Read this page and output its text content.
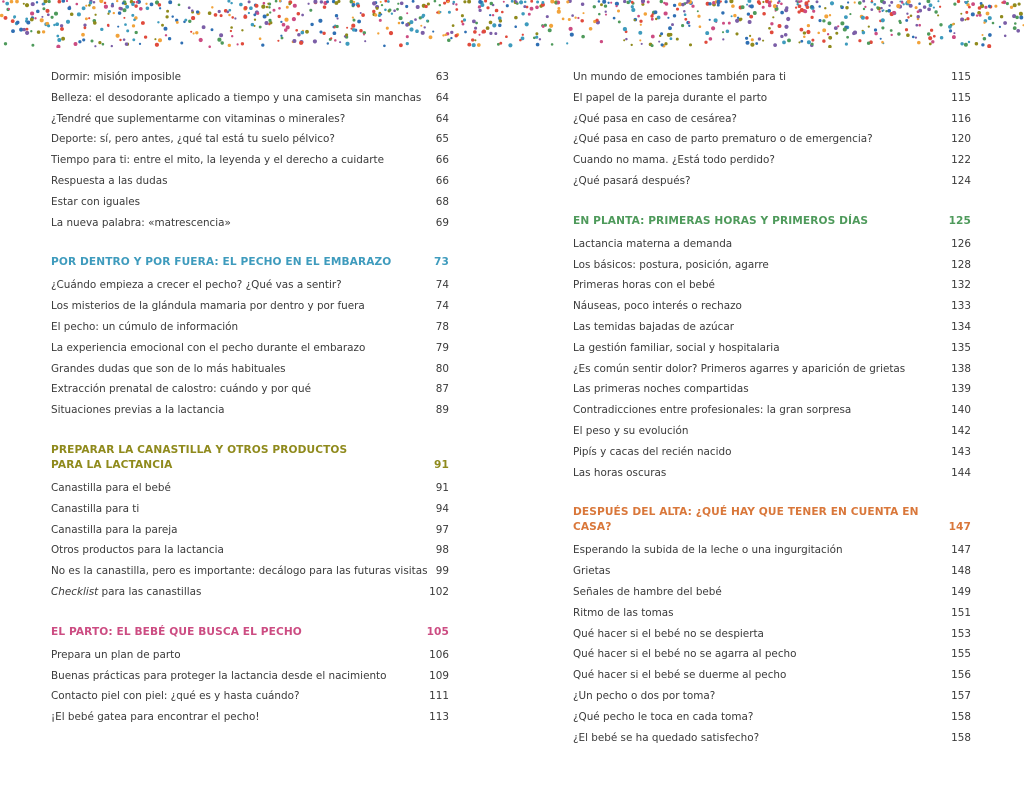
Dormir: misión imposible	63
Belleza: el desodorante aplicado a tiempo y una camiseta sin manchas	64
¿Tendré que suplementarme con vitaminas o minerales?	64
Deporte: sí, pero antes, ¿qué tal está tu suelo pélvico?	65
Tiempo para ti: entre el mito, la leyenda y el derecho a cuidarte	66
Respuesta a las dudas	66
Estar con iguales	68
La nueva palabra: «matrescencia»	69
POR DENTRO Y POR FUERA: EL PECHO EN EL EMBARAZO	73
¿Cuándo empieza a crecer el pecho? ¿Qué vas a sentir?	74
Los misterios de la glándula mamaria por dentro y por fuera	74
El pecho: un cúmulo de información	78
La experiencia emocional con el pecho durante el embarazo	79
Grandes dudas que son de lo más habituales	80
Extracción prenatal de calostro: cuándo y por qué	87
Situaciones previas a la lactancia	89
PREPARAR LA CANASTILLA Y OTROS PRODUCTOS
PARA LA LACTANCIA	91
Canastilla para el bebé	91
Canastilla para ti	94
Canastilla para la pareja	97
Otros productos para la lactancia	98
No es la canastilla, pero es importante: decálogo para las futuras visitas 99
Checklist para las canastillas	102
EL PARTO: EL BEBÉ QUE BUSCA EL PECHO	105
Prepara un plan de parto	106
Buenas prácticas para proteger la lactancia desde el nacimiento	109
Contacto piel con piel: ¿qué es y hasta cuándo?	111
¡El bebé gatea para encontrar el pecho!	113
Un mundo de emociones también para ti	115
El papel de la pareja durante el parto	115
¿Qué pasa en caso de cesárea?	116
¿Qué pasa en caso de parto prematuro o de emergencia?	120
Cuando no mama. ¿Está todo perdido?	122
¿Qué pasará después?	124
EN PLANTA: PRIMERAS HORAS Y PRIMEROS DÍAS	125
Lactancia materna a demanda	126
Los básicos: postura, posición, agarre	128
Primeras horas con el bebé	132
Náuseas, poco interés o rechazo	133
Las temidas bajadas de azúcar	134
La gestión familiar, social y hospitalaria	135
¿Es común sentir dolor? Primeros agarres y aparición de grietas	138
Las primeras noches compartidas	139
Contradicciones entre profesionales: la gran sorpresa	140
El peso y su evolución	142
Pipís y cacas del recién nacido	143
Las horas oscuras	144
DESPUÉS DEL ALTA: ¿QUÉ HAY QUE TENER EN CUENTA EN CASA?	147
Esperando la subida de la leche o una ingurgitación	147
Grietas	148
Señales de hambre del bebé	149
Ritmo de las tomas	151
Qué hacer si el bebé no se despierta	153
Qué hacer si el bebé no se agarra al pecho	155
Qué hacer si el bebé se duerme al pecho	156
¿Un pecho o dos por toma?	157
¿Qué pecho le toca en cada toma?	158
¿El bebé se ha quedado satisfecho?	158
